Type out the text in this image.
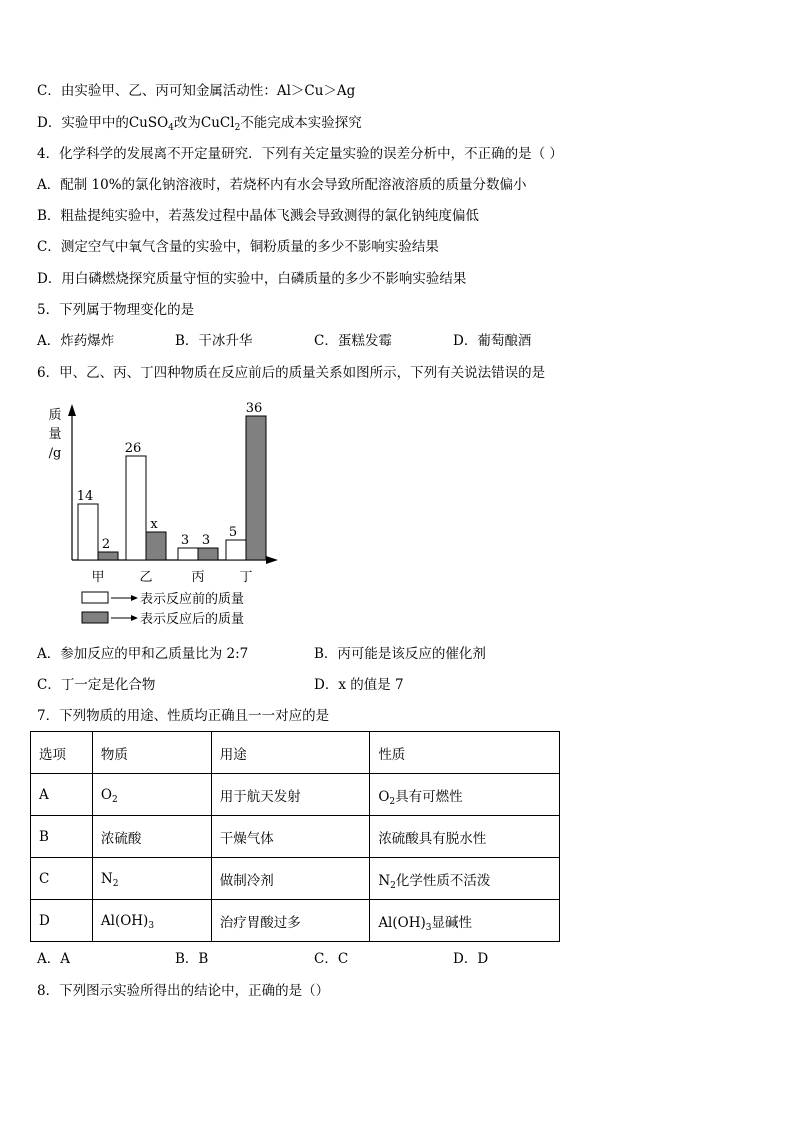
C．由实验甲、乙、丙可知金属活动性：Al＞Cu＞Ag
D．实验甲中的CuSO$_4$改为CuCl$_2$不能完成本实验探究
4．化学科学的发展离不开定量研究．下列有关定量实验的误差分析中，不正确的是（ ）
A．配制 10%的氯化钠溶液时，若烧杯内有水会导致所配溶液溶质的质量分数偏小
B．粗盐提纯实验中，若蒸发过程中晶体飞溅会导致测得的氯化钠纯度偏低
C．测定空气中氧气含量的实验中，铜粉质量的多少不影响实验结果
D．用白磷燃烧探究质量守恒的实验中，白磷质量的多少不影响实验结果
5．下列属于物理变化的是
A．炸药爆炸	B．干冰升华	C．蛋糕发霉	D．葡萄酿酒
6．甲、乙、丙、丁四种物质在反应前后的质量关系如图所示，下列有关说法错误的是
质
量
/g
14
26
3
5
2
x
3
36
甲	乙	丙	丁
表示反应前的质量
表示反应后的质量
A．参加反应的甲和乙质量比为 2:7	B．丙可能是该反应的催化剂
C．丁一定是化合物	D．x 的值是 7
7．下列物质的用途、性质均正确且一一对应的是
选项	物质	用途	性质
A	$O_2$	用于航天发射	$O_2$具有可燃性
B	浓硫酸	干燥气体	浓硫酸具有脱水性
C	$N_2$	做制冷剂	$N_2$化学性质不活泼
D	$Al(OH)_3$	治疗胃酸过多	$Al(OH)_3$显碱性
A．A	B．B	C．C	D．D
8．下列图示实验所得出的结论中，正确的是（）
